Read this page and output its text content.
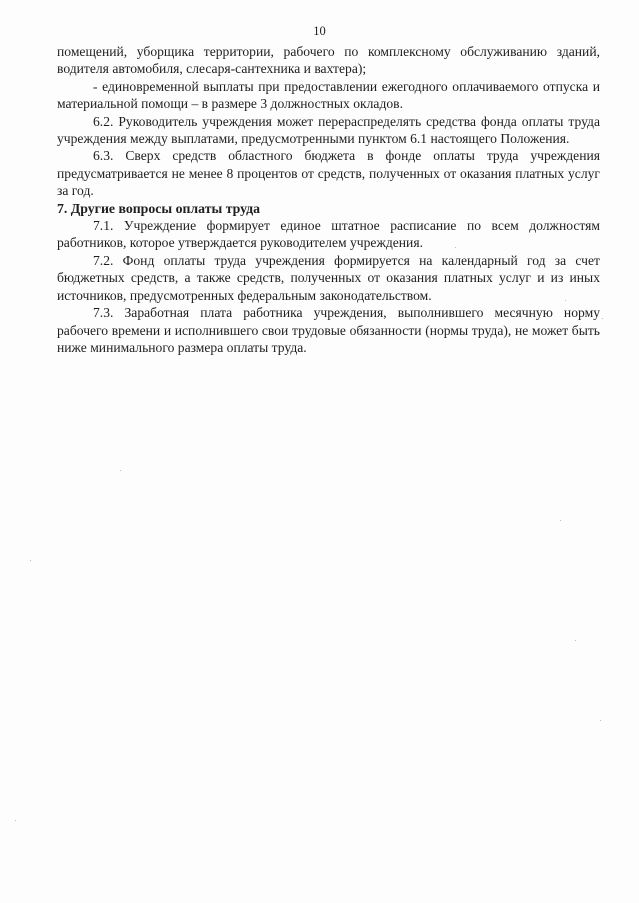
10

помещений, уборщика территории, рабочего по комплексному обслуживанию зданий, водителя автомобиля, слесаря-сантехника и вахтера);

- единовременной выплаты при предоставлении ежегодного оплачиваемого отпуска и материальной помощи – в размере 3 должностных окладов.

6.2. Руководитель учреждения может перераспределять средства фонда оплаты труда учреждения между выплатами, предусмотренными пунктом 6.1 настоящего Положения.

6.3. Сверх средств областного бюджета в фонде оплаты труда учреждения предусматривается не менее 8 процентов от средств, полученных от оказания платных услуг за год.

7. Другие вопросы оплаты труда

7.1. Учреждение формирует единое штатное расписание по всем должностям работников, которое утверждается руководителем учреждения.

7.2. Фонд оплаты труда учреждения формируется на календарный год за счет бюджетных средств, а также средств, полученных от оказания платных услуг и из иных источников, предусмотренных федеральным законодательством.

7.3. Заработная плата работника учреждения, выполнившего месячную норму рабочего времени и исполнившего свои трудовые обязанности (нормы труда), не может быть ниже минимального размера оплаты труда.
